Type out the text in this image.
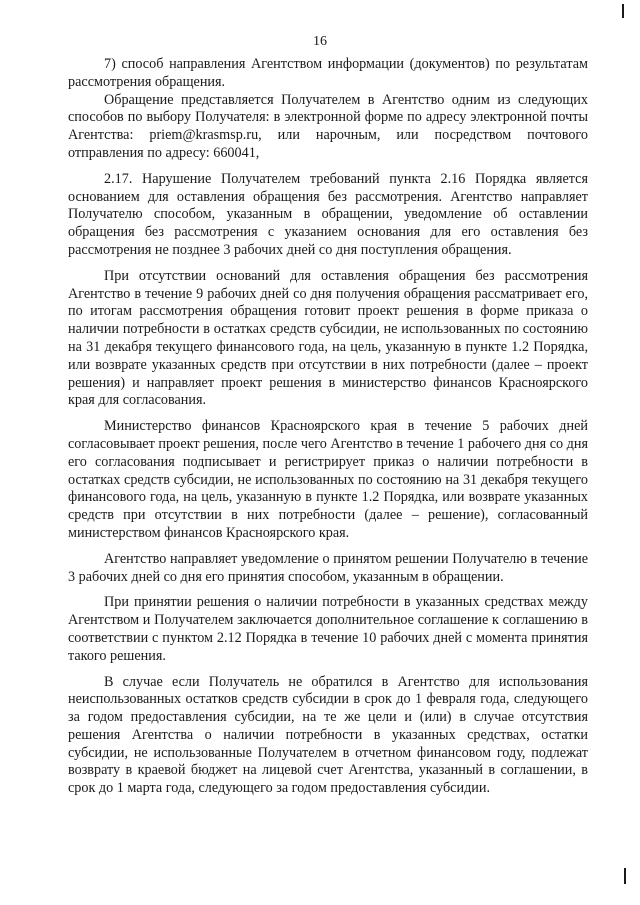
16

7) способ направления Агентством информации (документов) по результатам рассмотрения обращения.

Обращение представляется Получателем в Агентство одним из следующих способов по выбору Получателя: в электронной форме по адресу электронной почты Агентства: priem@krasmsp.ru, или нарочным, или посредством почтового отправления по адресу: 660041,

2.17. Нарушение Получателем требований пункта 2.16 Порядка является основанием для оставления обращения без рассмотрения. Агентство направляет Получателю способом, указанным в обращении, уведомление об оставлении обращения без рассмотрения с указанием основания для его оставления без рассмотрения не позднее 3 рабочих дней со дня поступления обращения.

При отсутствии оснований для оставления обращения без рассмотрения Агентство в течение 9 рабочих дней со дня получения обращения рассматривает его, по итогам рассмотрения обращения готовит проект решения в форме приказа о наличии потребности в остатках средств субсидии, не использованных по состоянию на 31 декабря текущего финансового года, на цель, указанную в пункте 1.2 Порядка, или возврате указанных средств при отсутствии в них потребности (далее – проект решения) и направляет проект решения в министерство финансов Красноярского края для согласования.

Министерство финансов Красноярского края в течение 5 рабочих дней согласовывает проект решения, после чего Агентство в течение 1 рабочего дня со дня его согласования подписывает и регистрирует приказ о наличии потребности в остатках средств субсидии, не использованных по состоянию на 31 декабря текущего финансового года, на цель, указанную в пункте 1.2 Порядка, или возврате указанных средств при отсутствии в них потребности (далее – решение), согласованный министерством финансов Красноярского края.

Агентство направляет уведомление о принятом решении Получателю в течение 3 рабочих дней со дня его принятия способом, указанным в обращении.

При принятии решения о наличии потребности в указанных средствах между Агентством и Получателем заключается дополнительное соглашение к соглашению в соответствии с пунктом 2.12 Порядка в течение 10 рабочих дней с момента принятия такого решения.

В случае если Получатель не обратился в Агентство для использования неиспользованных остатков средств субсидии в срок до 1 февраля года, следующего за годом предоставления субсидии, на те же цели и (или) в случае отсутствия решения Агентства о наличии потребности в указанных средствах, остатки субсидии, не использованные Получателем в отчетном финансовом году, подлежат возврату в краевой бюджет на лицевой счет Агентства, указанный в соглашении, в срок до 1 марта года, следующего за годом предоставления субсидии.
